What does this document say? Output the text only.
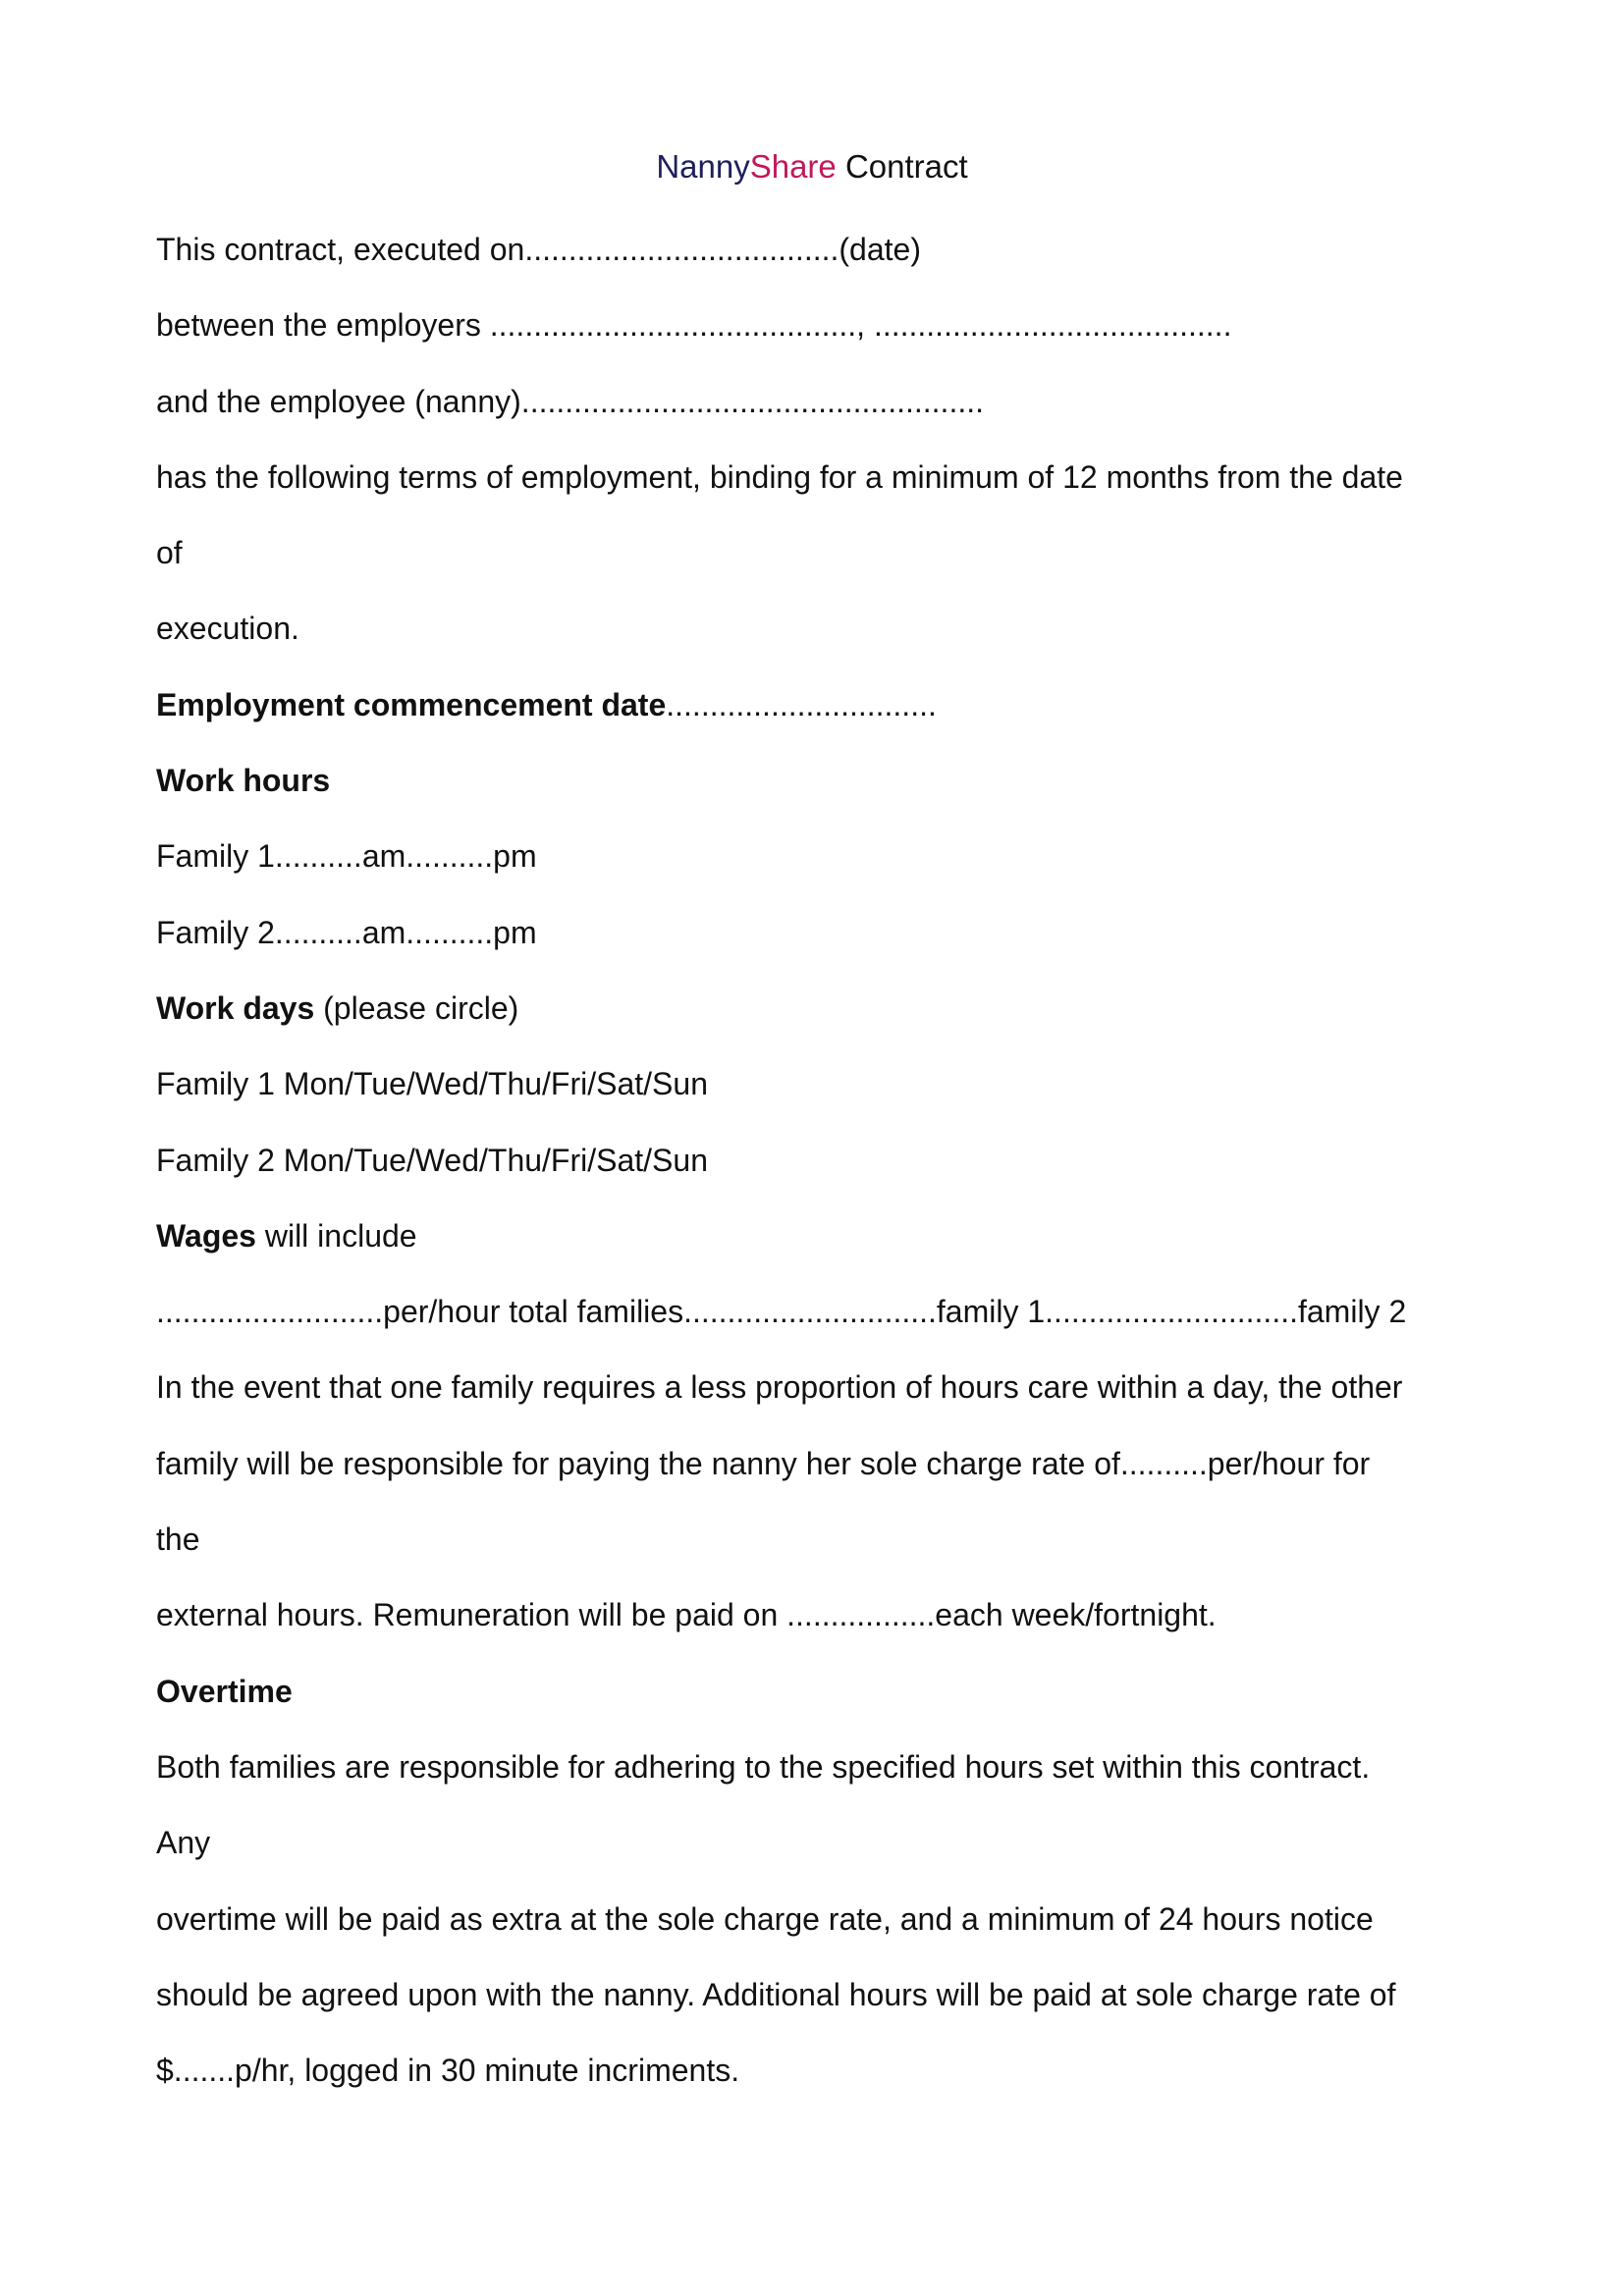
NannyShare Contract
This contract, executed on....................................(date)
between the employers .........................................., .........................................
and the employee (nanny).....................................................
has the following terms of employment, binding for a minimum of 12 months from the date
of
execution.
Employment commencement date...............................
Work hours
Family 1..........am..........pm
Family 2..........am..........pm
Work days (please circle)
Family 1 Mon/Tue/Wed/Thu/Fri/Sat/Sun
Family 2 Mon/Tue/Wed/Thu/Fri/Sat/Sun
Wages will include
..........................per/hour total families.............................family 1.............................family 2
In the event that one family requires a less proportion of hours care within a day, the other
family will be responsible for paying the nanny her sole charge rate of..........per/hour for
the
external hours. Remuneration will be paid on .................each week/fortnight.
Overtime
Both families are responsible for adhering to the specified hours set within this contract.
Any
overtime will be paid as extra at the sole charge rate, and a minimum of 24 hours notice
should be agreed upon with the nanny. Additional hours will be paid at sole charge rate of
$.......p/hr, logged in 30 minute incriments.
